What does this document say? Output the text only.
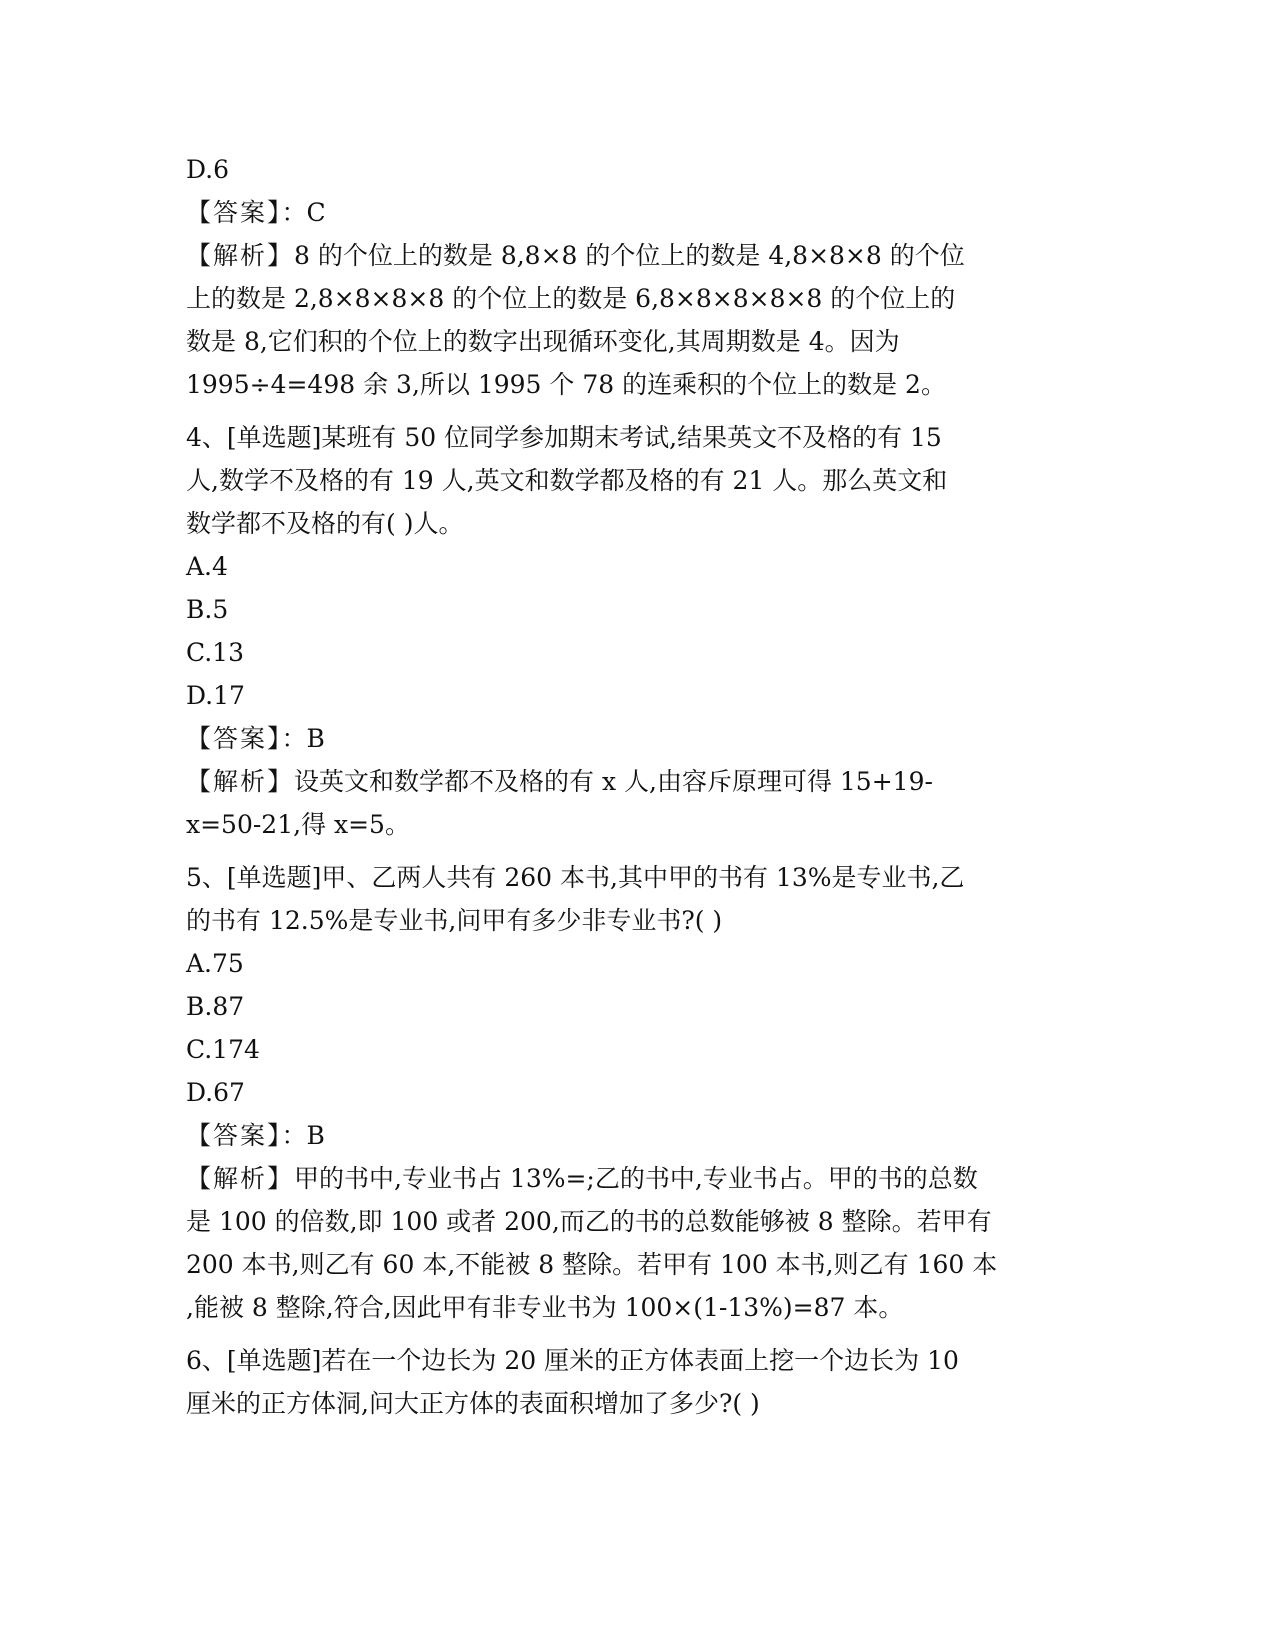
D.6
【答案】：C
【解析】8 的个位上的数是 8,8×8 的个位上的数是 4,8×8×8 的个位
上的数是 2,8×8×8×8 的个位上的数是 6,8×8×8×8×8 的个位上的
数是 8,它们积的个位上的数字出现循环变化,其周期数是 4。因为
1995÷4=498 余 3,所以 1995 个 78 的连乘积的个位上的数是 2。
4、[单选题]某班有 50 位同学参加期末考试,结果英文不及格的有 15
人,数学不及格的有 19 人,英文和数学都及格的有 21 人。那么英文和
数学都不及格的有( )人。
A.4
B.5
C.13
D.17
【答案】：B
【解析】设英文和数学都不及格的有 x 人,由容斥原理可得 15+19-
x=50-21,得 x=5。
5、[单选题]甲、乙两人共有 260 本书,其中甲的书有 13%是专业书,乙
的书有 12.5%是专业书,问甲有多少非专业书?( )
A.75
B.87
C.174
D.67
【答案】：B
【解析】甲的书中,专业书占 13%=;乙的书中,专业书占。甲的书的总数
是 100 的倍数,即 100 或者 200,而乙的书的总数能够被 8 整除。若甲有
200 本书,则乙有 60 本,不能被 8 整除。若甲有 100 本书,则乙有 160 本
,能被 8 整除,符合,因此甲有非专业书为 100×(1-13%)=87 本。
6、[单选题]若在一个边长为 20 厘米的正方体表面上挖一个边长为 10
厘米的正方体洞,问大正方体的表面积增加了多少?( )
